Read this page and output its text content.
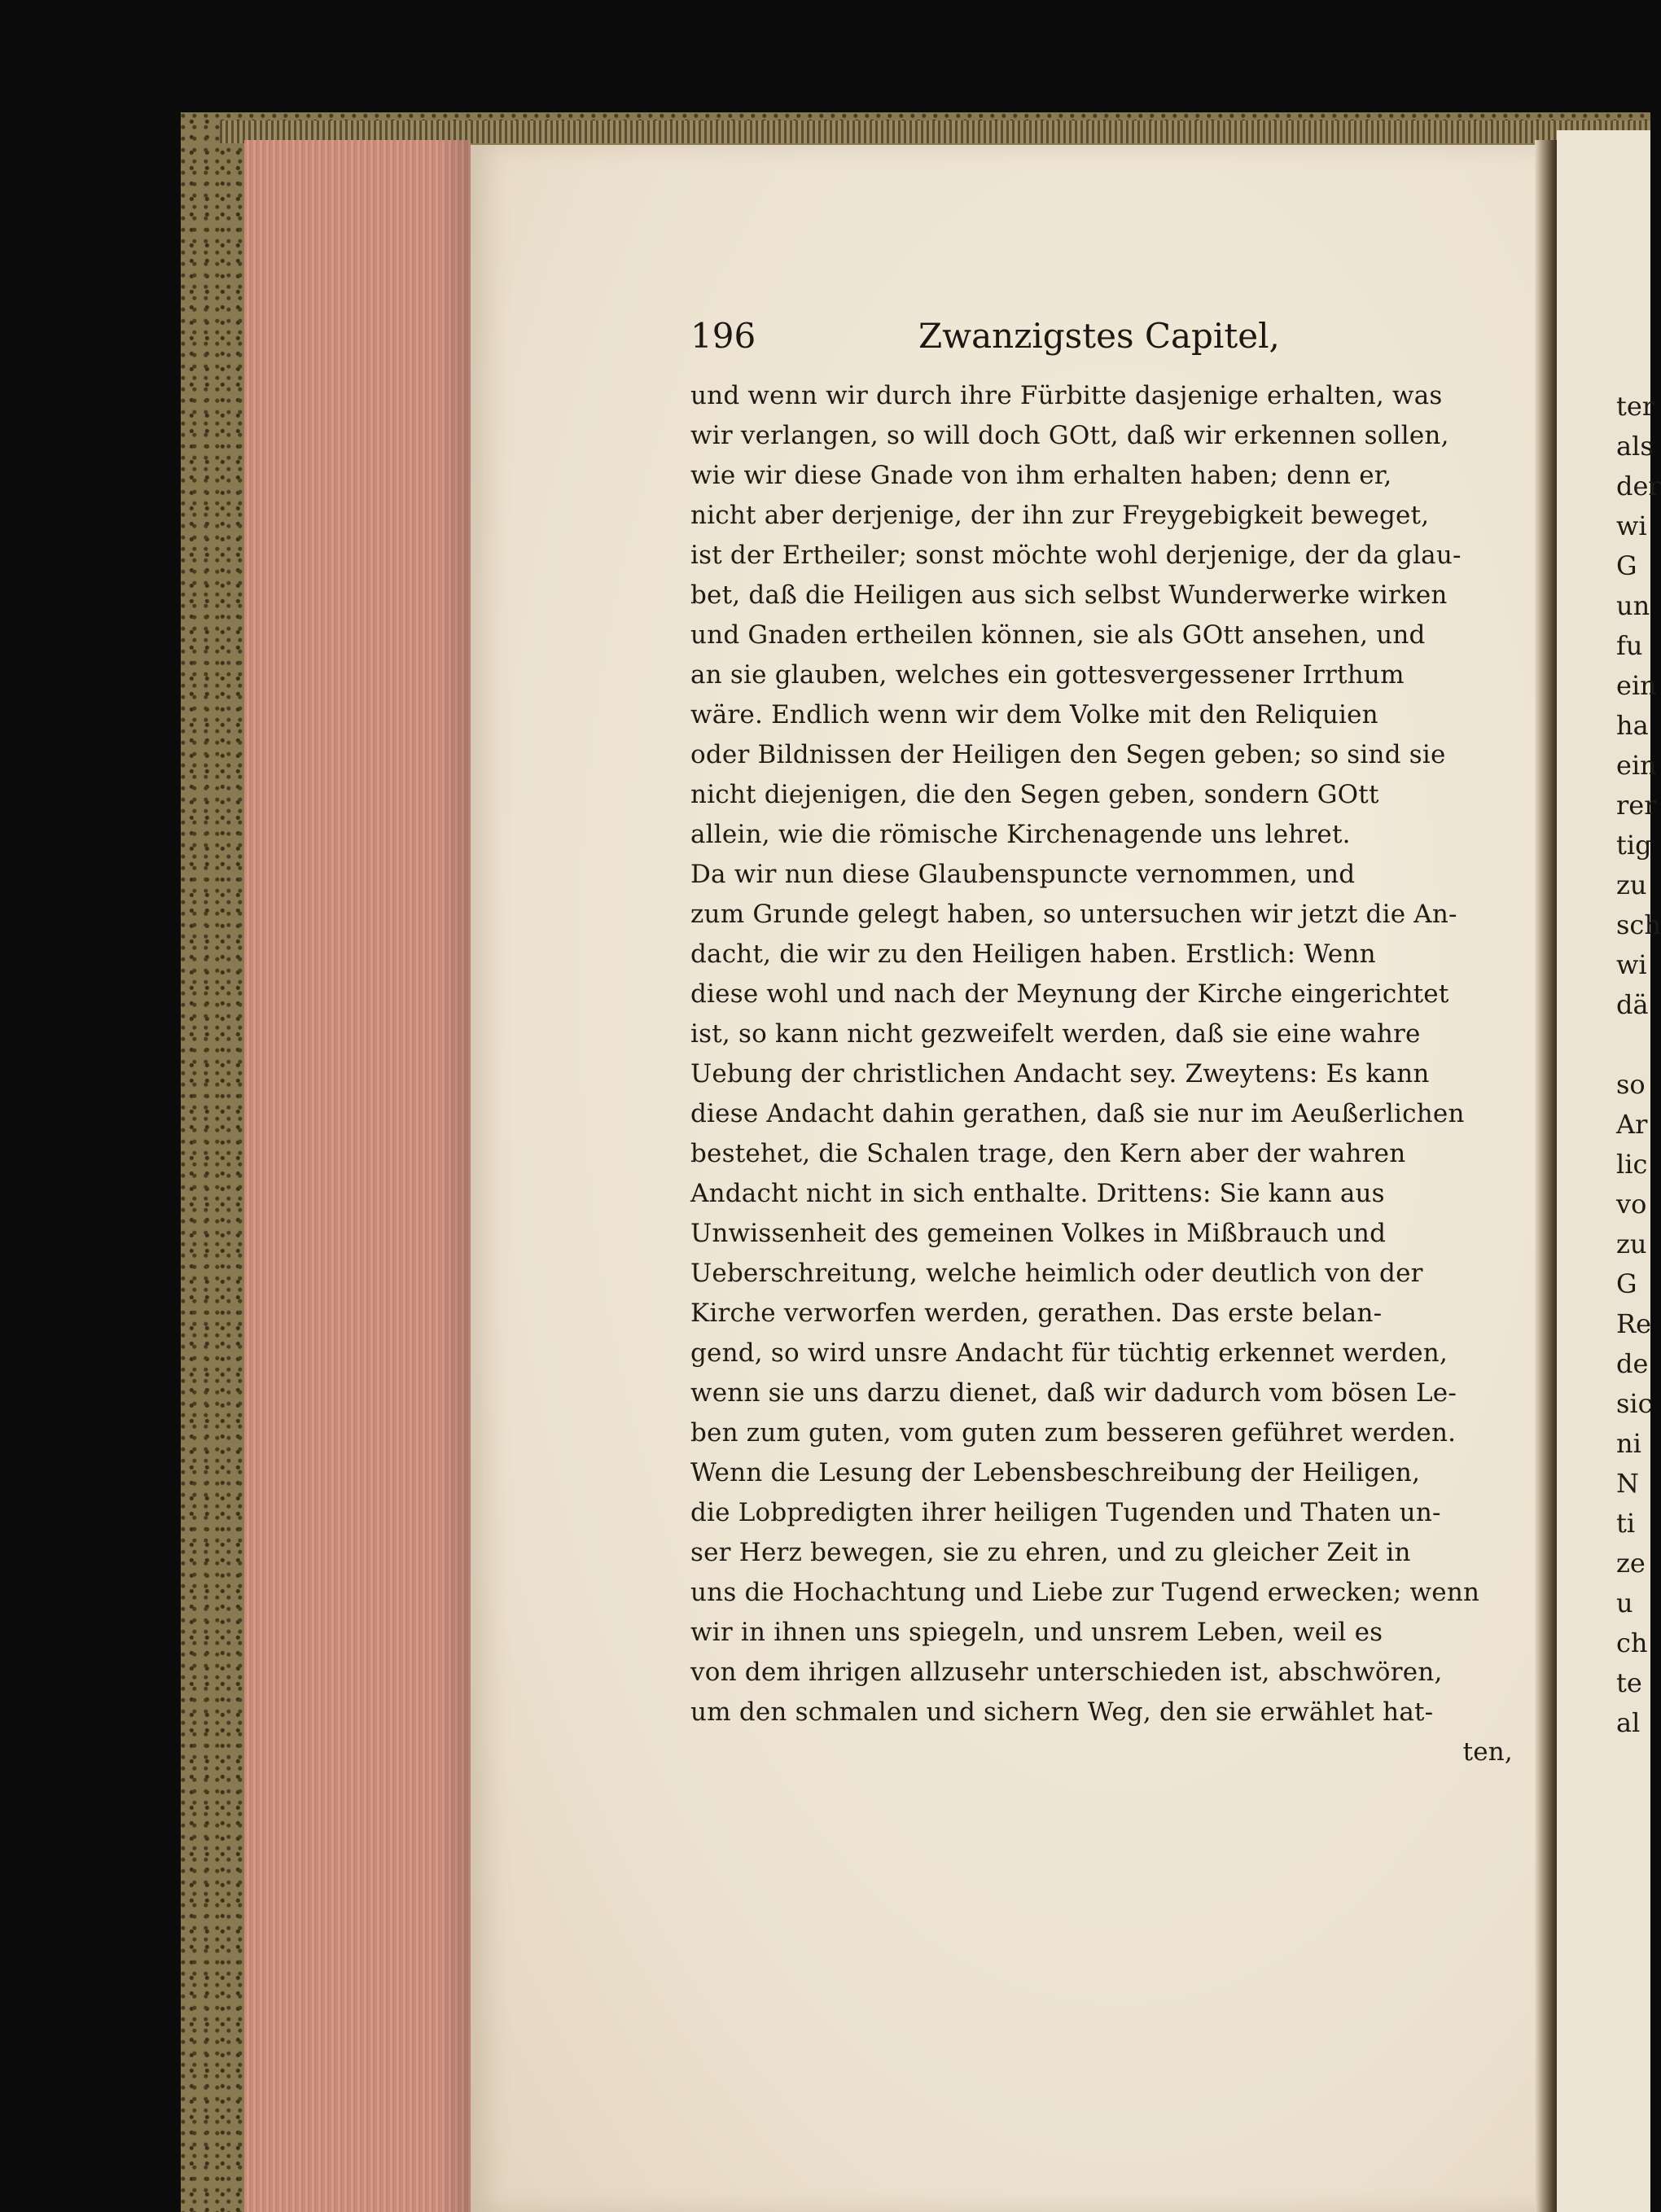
196	Zwanzigstes Capitel,
und wenn wir durch ihre Fürbitte dasjenige erhalten, was
wir verlangen, so will doch GOtt, daß wir erkennen sollen,
wie wir diese Gnade von ihm erhalten haben; denn er,
nicht aber derjenige, der ihn zur Freygebigkeit beweget,
ist der Ertheiler; sonst möchte wohl derjenige, der da glau-
bet, daß die Heiligen aus sich selbst Wunderwerke wirken
und Gnaden ertheilen können, sie als GOtt ansehen, und
an sie glauben, welches ein gottesvergessener Irrthum
wäre. Endlich wenn wir dem Volke mit den Reliquien
oder Bildnissen der Heiligen den Segen geben; so sind sie
nicht diejenigen, die den Segen geben, sondern GOtt
allein, wie die römische Kirchenagende uns lehret.
Da wir nun diese Glaubenspuncte vernommen, und
zum Grunde gelegt haben, so untersuchen wir jetzt die An-
dacht, die wir zu den Heiligen haben. Erstlich: Wenn
diese wohl und nach der Meynung der Kirche eingerichtet
ist, so kann nicht gezweifelt werden, daß sie eine wahre
Uebung der christlichen Andacht sey. Zweytens: Es kann
diese Andacht dahin gerathen, daß sie nur im Aeußerlichen
bestehet, die Schalen trage, den Kern aber der wahren
Andacht nicht in sich enthalte. Drittens: Sie kann aus
Unwissenheit des gemeinen Volkes in Mißbrauch und
Ueberschreitung, welche heimlich oder deutlich von der
Kirche verworfen werden, gerathen. Das erste belan-
gend, so wird unsre Andacht für tüchtig erkennet werden,
wenn sie uns darzu dienet, daß wir dadurch vom bösen Le-
ben zum guten, vom guten zum besseren geführet werden.
Wenn die Lesung der Lebensbeschreibung der Heiligen,
die Lobpredigten ihrer heiligen Tugenden und Thaten un-
ser Herz bewegen, sie zu ehren, und zu gleicher Zeit in
uns die Hochachtung und Liebe zur Tugend erwecken; wenn
wir in ihnen uns spiegeln, und unsrem Leben, weil es
von dem ihrigen allzusehr unterschieden ist, abschwören,
um den schmalen und sichern Weg, den sie erwählet hat-
ten,
ter
als
der
wi
G
un
fu
ein
ha
ein
rer
tig
zu
sch
wi
dä
so
Ar
lic
vo
zu
G
Re
de
sic
ni
N
ti
ze
u
ch
te
al
